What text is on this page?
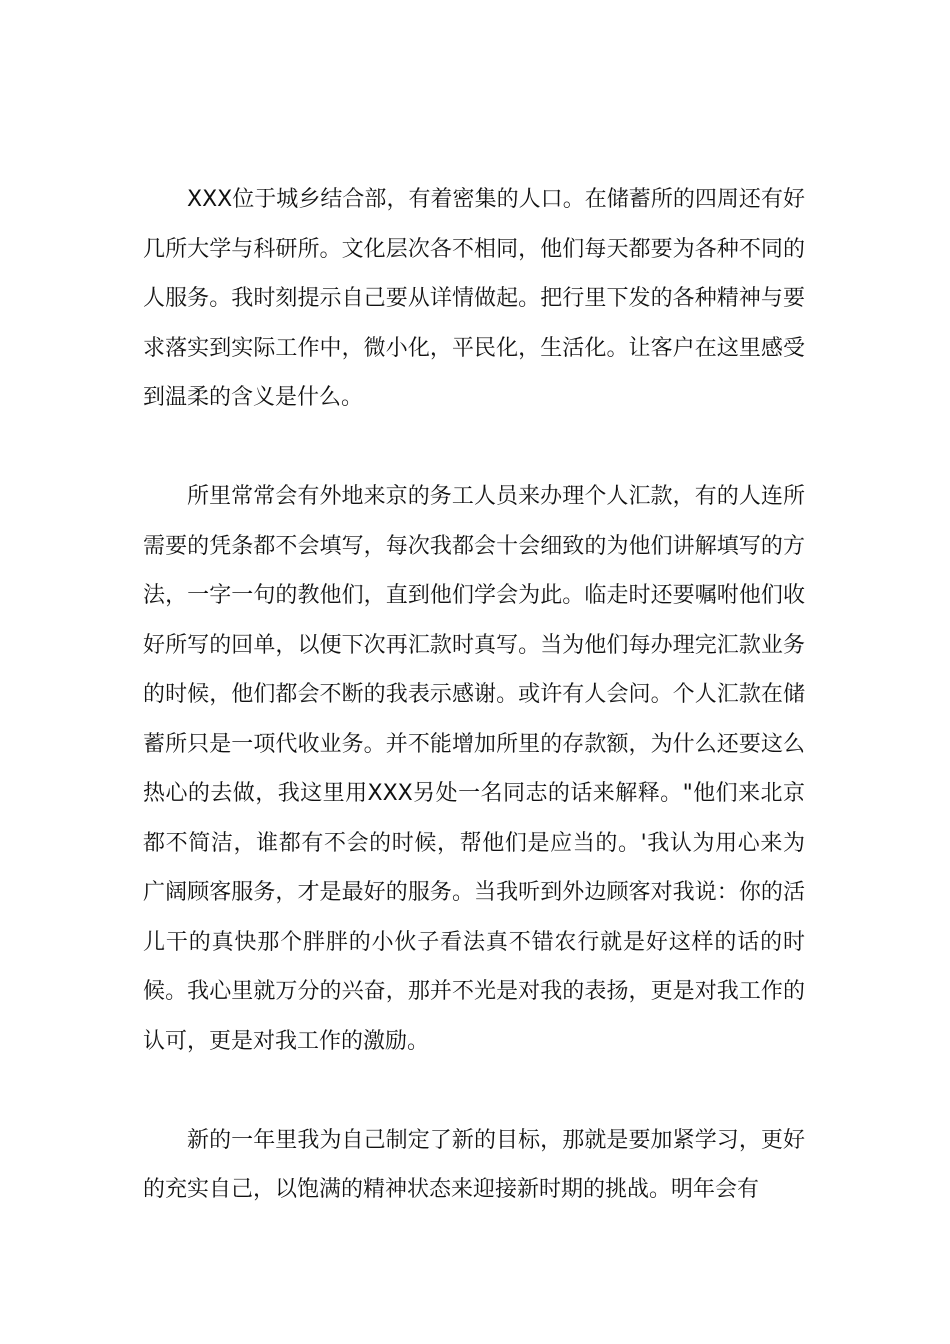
XXX位于城乡结合部，有着密集的人口。在储蓄所的四周还有好几所大学与科研所。文化层次各不相同，他们每天都要为各种不同的人服务。我时刻提示自己要从详情做起。把行里下发的各种精神与要求落实到实际工作中，微小化，平民化，生活化。让客户在这里感受到温柔的含义是什么。

所里常常会有外地来京的务工人员来办理个人汇款，有的人连所需要的凭条都不会填写，每次我都会十会细致的为他们讲解填写的方法，一字一句的教他们，直到他们学会为此。临走时还要嘱咐他们收好所写的回单，以便下次再汇款时真写。当为他们每办理完汇款业务的时候，他们都会不断的我表示感谢。或许有人会问。个人汇款在储蓄所只是一项代收业务。并不能增加所里的存款额，为什么还要这么热心的去做，我这里用XXX另处一名同志的话来解释。"他们来北京都不简洁，谁都有不会的时候，帮他们是应当的。'我认为用心来为广阔顾客服务，才是最好的服务。当我听到外边顾客对我说：你的活儿干的真快那个胖胖的小伙子看法真不错农行就是好这样的话的时候。我心里就万分的兴奋，那并不光是对我的表扬，更是对我工作的认可，更是对我工作的激励。

新的一年里我为自己制定了新的目标，那就是要加紧学习，更好的充实自己，以饱满的精神状态来迎接新时期的挑战。明年会有
